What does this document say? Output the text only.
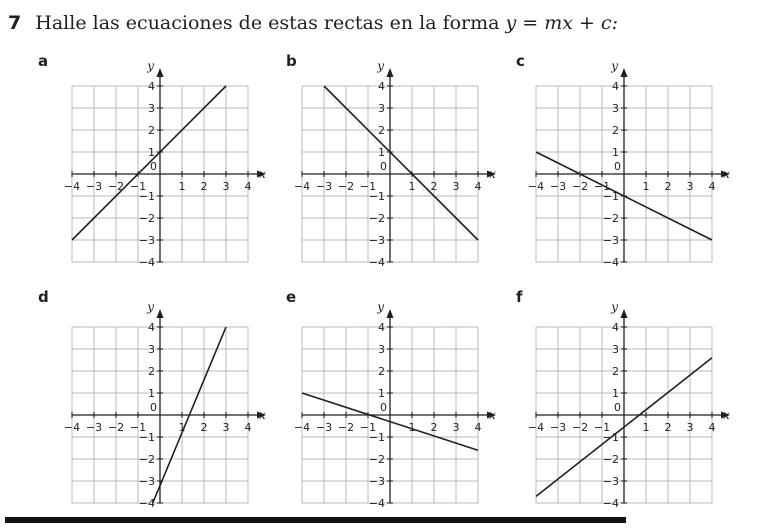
7 Halle las ecuaciones de estas rectas en la forma y = mx + c:
x
y
−4 −3 −2 −1	1 2 3 4
−4
−3
−2
−1
1
2
3
4
0
a
x
y
−4 −3 −2 −1	1 2 3 4
−4
−3
−2
−1
1
2
3
4
0
b
x
y
−4 −3 −2 −1	1 2 3 4
−4
−3
−2
−1
1
2
3
4
0
c
x
y
−4 −3 −2 −1	1 2 3 4
−4
−3
−2
−1
1
2
3
4
0
d
x
y
−4 −3 −2 −1	1 2 3 4
−4
−3
−2
−1
1
2
3
4
0
e
x
y
−4 −3 −2 −1	1 2 3 4
−4
−3
−2
−1
1
2
3
4
0
f
